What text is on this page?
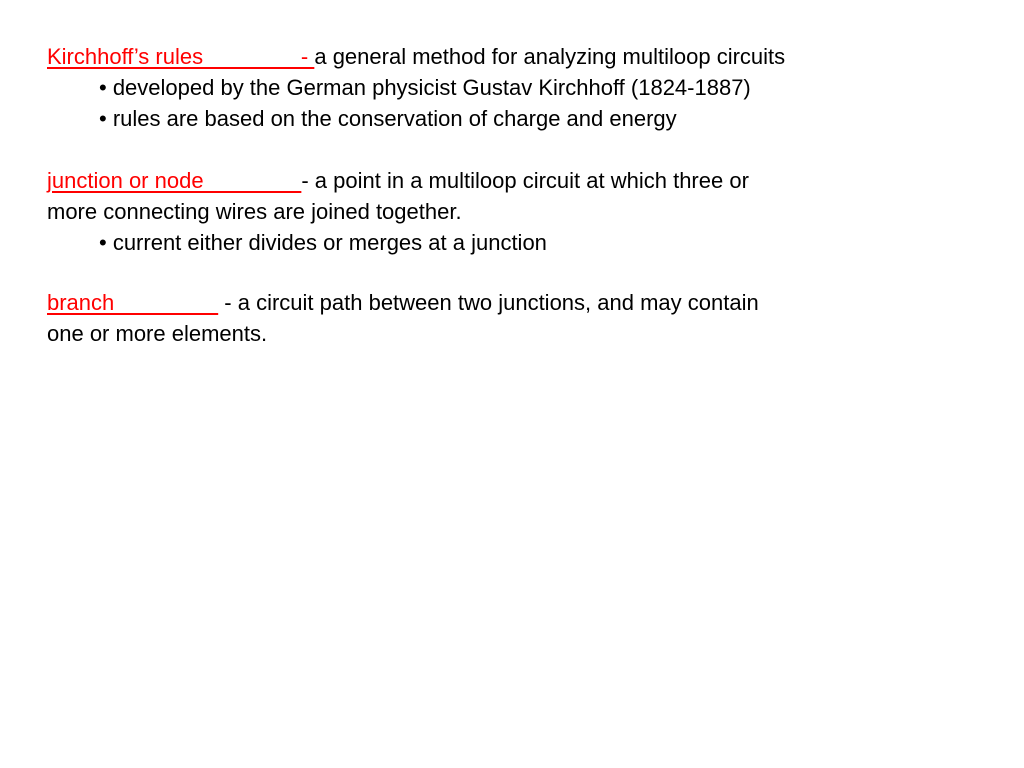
Kirchhoff’s rules                - a general method for analyzing multiloop circuits
• developed by the German physicist Gustav Kirchhoff (1824-1887)
• rules are based on the conservation of charge and energy
junction or node                - a point in a multiloop circuit at which three or
more connecting wires are joined together.
• current either divides or merges at a junction
branch                  - a circuit path between two junctions, and may contain
one or more elements.
